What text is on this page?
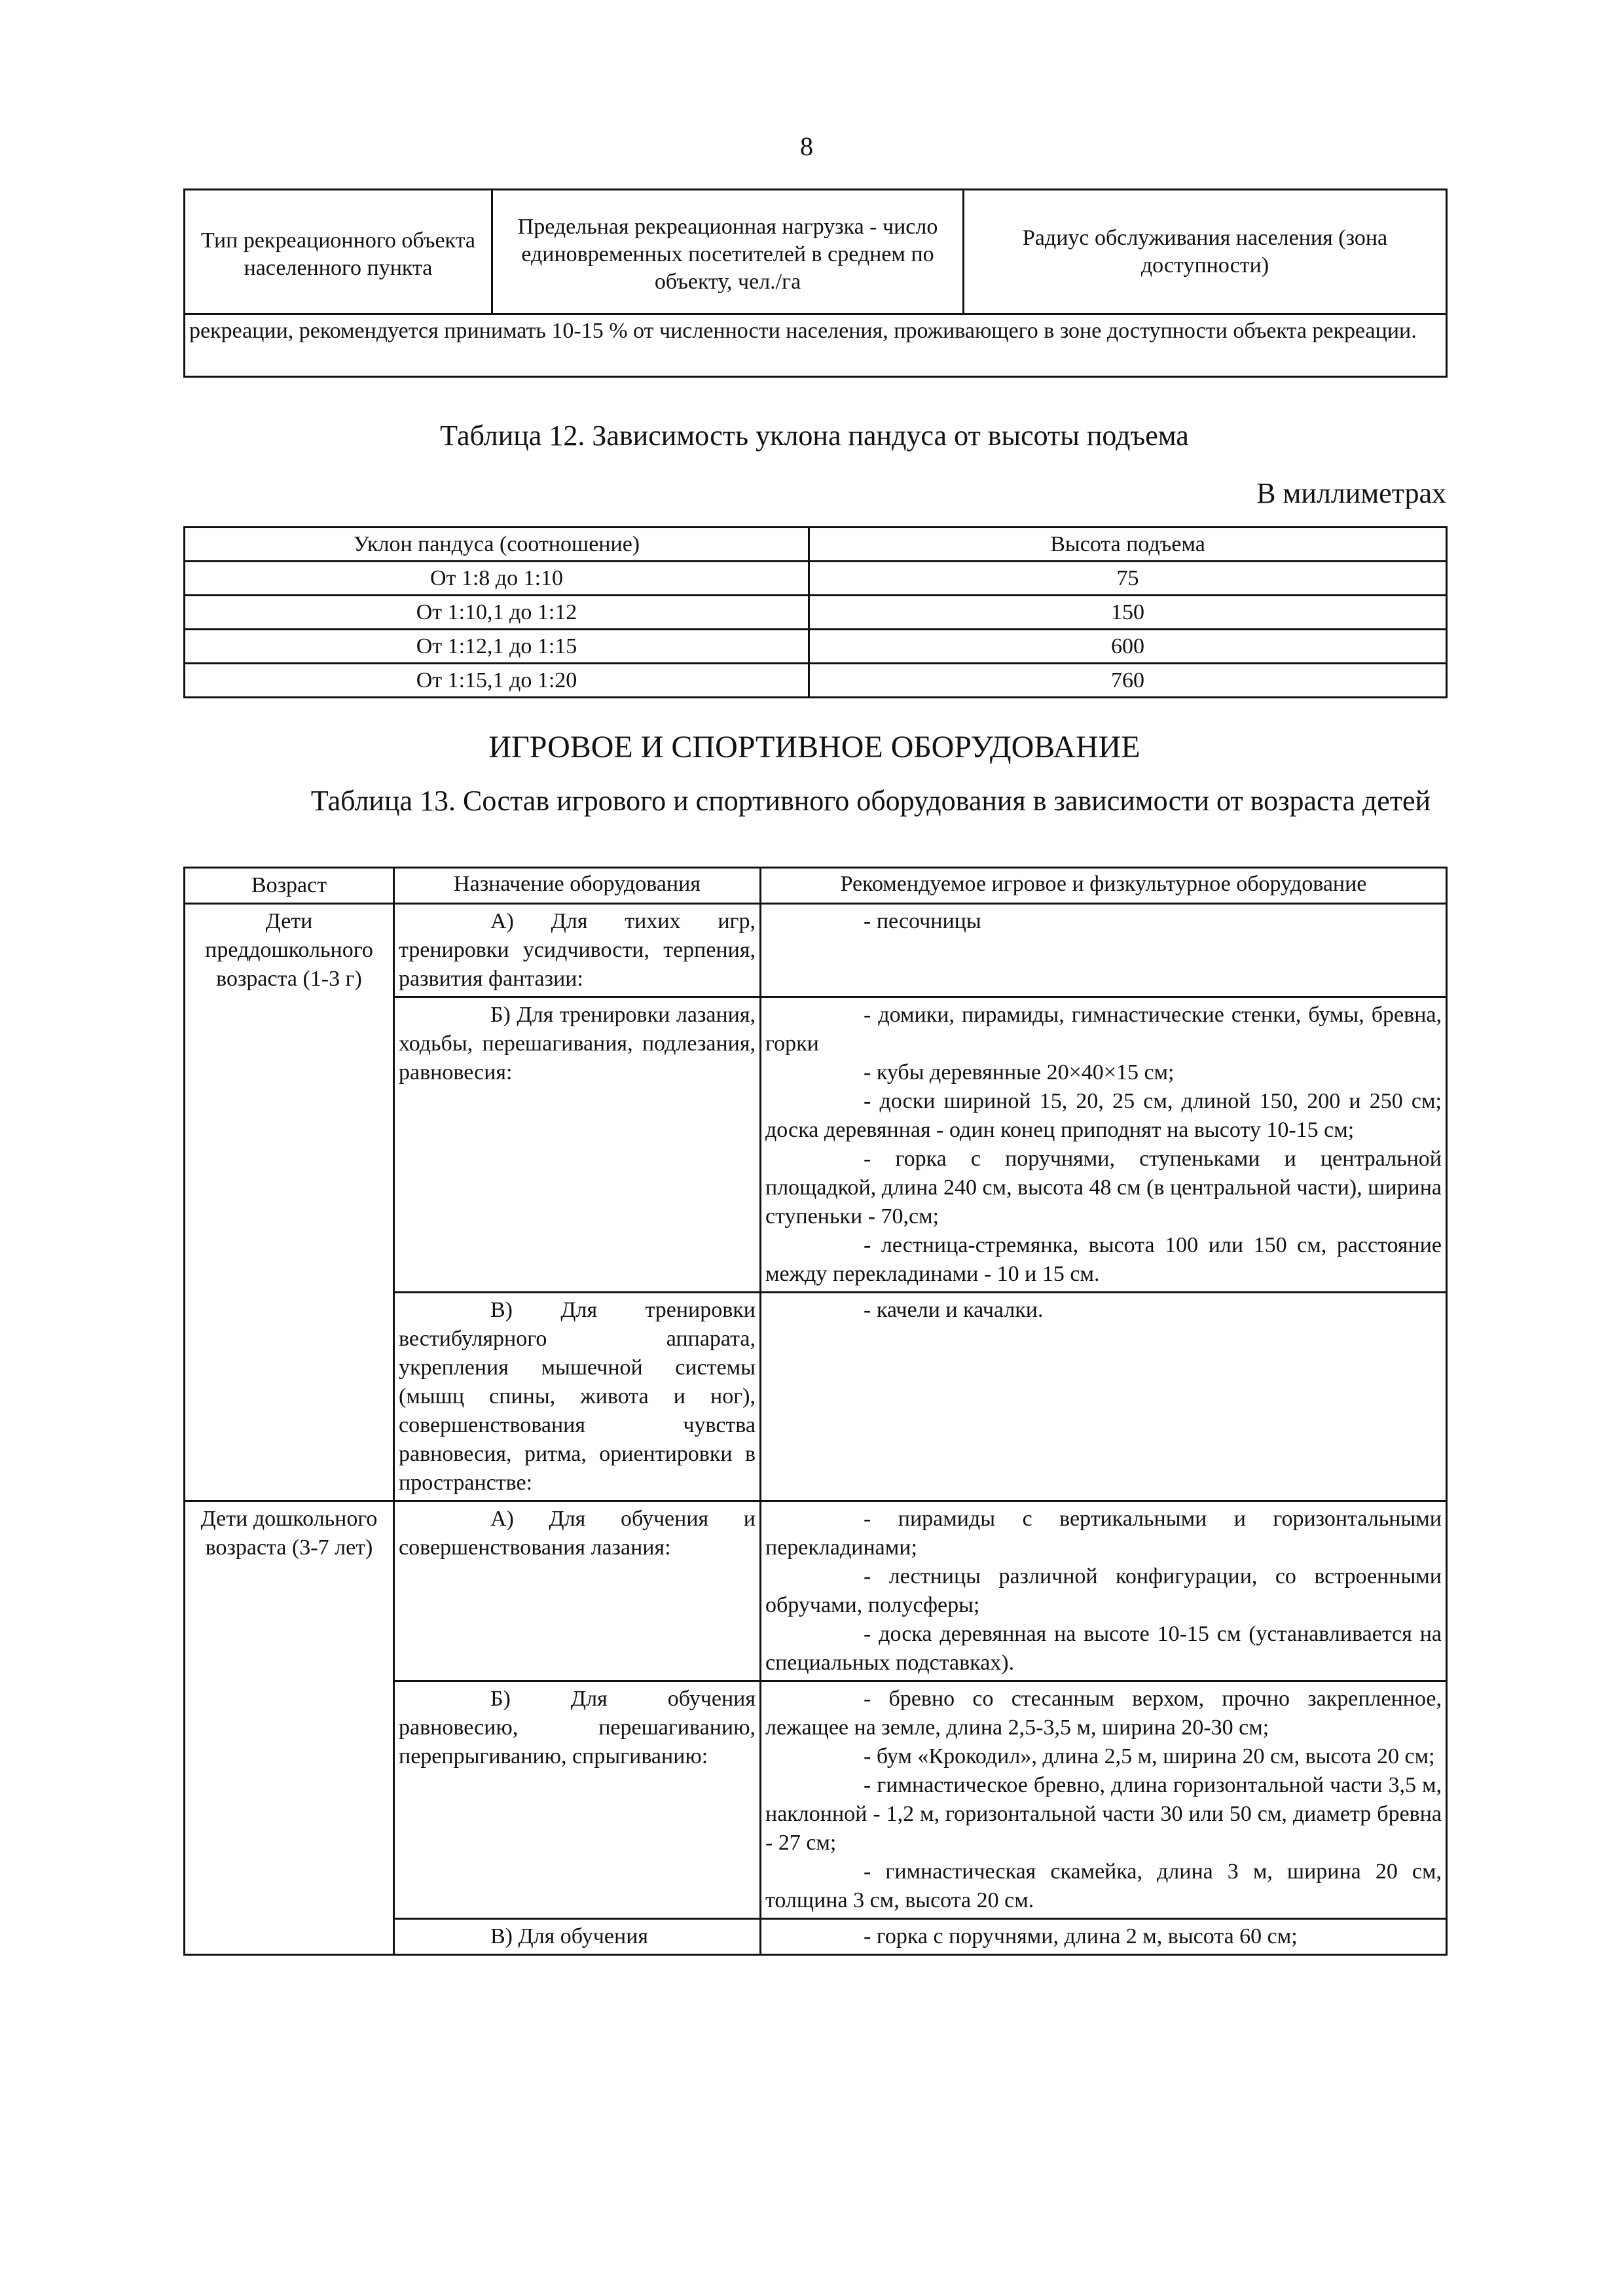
8
Тип рекреационного объекта населенного пункта	Предельная рекреационная нагрузка - число единовременных посетителей в среднем по объекту, чел./га	Радиус обслуживания населения (зона доступности)
рекреации, рекомендуется принимать 10-15 % от численности населения, проживающего в зоне доступности объекта рекреации.
Таблица 12. Зависимость уклона пандуса от высоты подъема
В миллиметрах
Уклон пандуса (соотношение)	Высота подъема
От 1:8 до 1:10	75
От 1:10,1 до 1:12	150
От 1:12,1 до 1:15	600
От 1:15,1 до 1:20	760
ИГРОВОЕ И СПОРТИВНОЕ ОБОРУДОВАНИЕ
Таблица 13. Состав игрового и спортивного оборудования в зависимости от возраста детей
Возраст	Назначение оборудования	Рекомендуемое игровое и физкультурное оборудование
Дети преддошкольного возраста (1-3 г)	А) Для тихих игр, тренировки усидчивости, терпения, развития фантазии:	- песочницы

	Б) Для тренировки лазания, ходьбы, перешагивания, подлезания, равновесия:	- домики, пирамиды, гимнастические стенки, бумы, бревна, горки
- кубы деревянные 20×40×15 см;
- доски шириной 15, 20, 25 см, длиной 150, 200 и 250 см; доска деревянная - один конец приподнят на высоту 10-15 см;
- горка с поручнями, ступеньками и центральной площадкой, длина 240 см, высота 48 см (в центральной части), ширина ступеньки - 70,см;
- лестница-стремянка, высота 100 или 150 см, расстояние между перекладинами - 10 и 15 см.

	В) Для тренировки вестибулярного аппарата, укрепления мышечной системы (мышц спины, живота и ног), совершенствования чувства равновесия, ритма, ориентировки в пространстве:	- качели и качалки.

Дети дошкольного возраста (3-7 лет)	А) Для обучения и совершенствования лазания:	- пирамиды с вертикальными и горизонтальными перекладинами;
- лестницы различной конфигурации, со встроенными обручами, полусферы;
- доска деревянная на высоте 10-15 см (устанавливается на специальных подставках).

	Б) Для обучения равновесию, перешагиванию, перепрыгиванию, спрыгиванию:	- бревно со стесанным верхом, прочно закрепленное, лежащее на земле, длина 2,5-3,5 м, ширина 20-30 см;
- бум «Крокодил», длина 2,5 м, ширина 20 см, высота 20 см;
- гимнастическое бревно, длина горизонтальной части 3,5 м, наклонной - 1,2 м, горизонтальной части 30 или 50 см, диаметр бревна - 27 см;
- гимнастическая скамейка, длина 3 м, ширина 20 см, толщина 3 см, высота 20 см.

	В) Для обучения	- горка с поручнями, длина 2 м, высота 60 см;
